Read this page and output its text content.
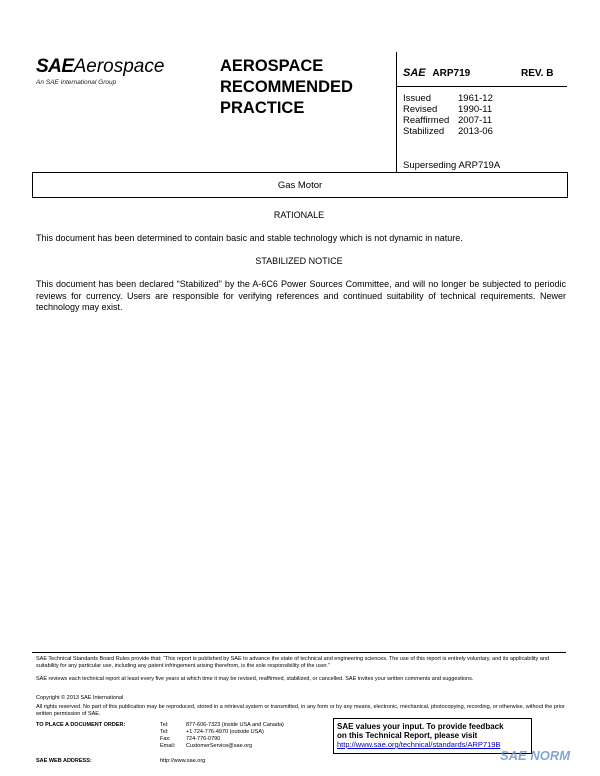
SAEAerospace
An SAE International Group
AEROSPACE
RECOMMENDED
PRACTICE
SAE ARP719	REV. B
Issued	1961-12
Revised	1990-11
Reaffirmed 2007-11
Stabilized	2013-06
Superseding ARP719A
Gas Motor
RATIONALE
This document has been determined to contain basic and stable technology which is not dynamic in nature.
STABILIZED NOTICE
This document has been declared “Stabilized” by the A-6C6 Power Sources Committee, and will no longer be subjected to periodic reviews for currency. Users are responsible for verifying references and continued suitability of technical requirements. Newer technology may exist.
SAE Technical Standards Board Rules provide that: “This report is published by SAE to advance the state of technical and engineering sciences. The use of this report is entirely voluntary, and its applicability and suitability for any particular use, including any patent infringement arising therefrom, is the sole responsibility of the user.”
SAE reviews each technical report at least every five years at which time it may be revised, reaffirmed, stabilized, or cancelled. SAE invites your written comments and suggestions.
Copyright © 2013 SAE International
All rights reserved. No part of this publication may be reproduced, stored in a retrieval system or transmitted, in any form or by any means, electronic, mechanical, photocopying, recording, or otherwise, without the prior written permission of SAE.
TO PLACE A DOCUMENT ORDER:	Tel:	877-606-7323 (inside USA and Canada)
Tel:	+1 724-776-4970 (outside USA)
Fax:	724-776-0790
Email:	CustomerService@sae.org
SAE WEB ADDRESS:	http://www.sae.org
SAE values your input. To provide feedback
on this Technical Report, please visit
http://www.sae.org/technical/standards/ARP719B
SAE NORM
